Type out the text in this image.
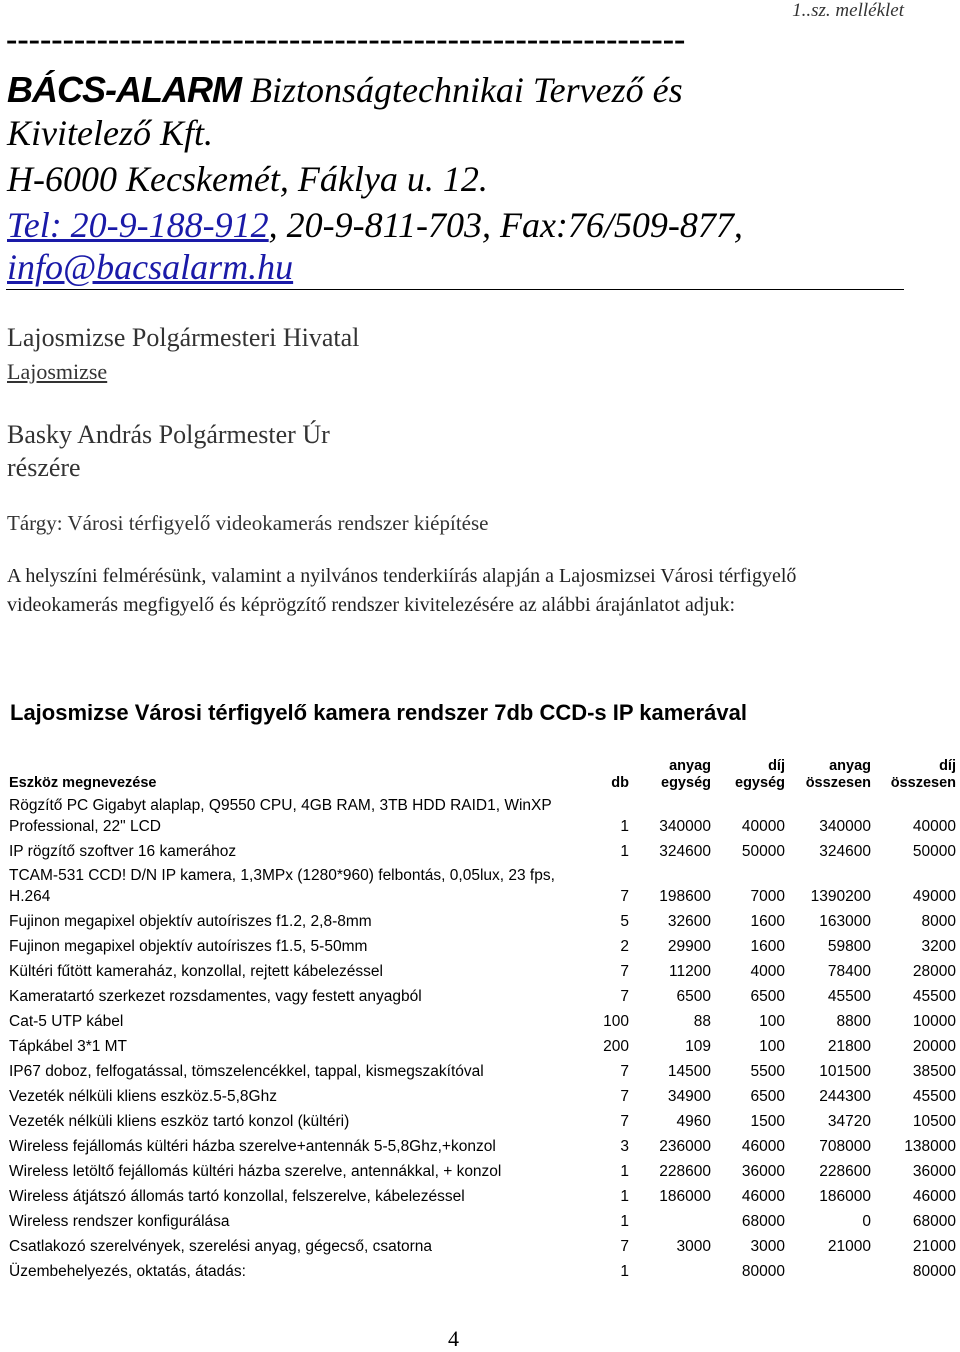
1..sz. melléklet
------------------------------------------------------------
BÁCS-ALARM Biztonságtechnikai Tervező és
Kivitelező Kft.
H-6000 Kecskemét, Fáklya u. 12.
Tel: 20-9-188-912, 20-9-811-703, Fax:76/509-877,
info@bacsalarm.hu
Lajosmizse Polgármesteri Hivatal
Lajosmizse
Basky András Polgármester Úr
részére
Tárgy: Városi térfigyelő videokamerás rendszer kiépítése
A helyszíni felmérésünk, valamint a nyilvános tenderkiírás alapján a Lajosmizsei Városi térfigyelő videokamerás megfigyelő és képrögzítő rendszer kivitelezésére az alábbi árajánlatot adjuk:
Lajosmizse Városi térfigyelő kamera rendszer 7db CCD-s IP kamerával
Eszköz megnevezése	db	anyag egység	díj egység	anyag összesen	díj összesen
Rögzítő PC Gigabyt alaplap, Q9550 CPU, 4GB RAM, 3TB HDD RAID1, WinXP Professional, 22" LCD	1	340000	40000	340000	40000
IP rögzítő szoftver 16 kamerához	1	324600	50000	324600	50000
TCAM-531 CCD! D/N IP kamera, 1,3MPx (1280*960) felbontás, 0,05lux, 23 fps, H.264	7	198600	7000	1390200	49000
Fujinon megapixel objektív autoíriszes f1.2, 2,8-8mm	5	32600	1600	163000	8000
Fujinon megapixel objektív autoíriszes f1.5, 5-50mm	2	29900	1600	59800	3200
Kültéri fűtött kameraház, konzollal, rejtett kábelezéssel	7	11200	4000	78400	28000
Kameratartó szerkezet rozsdamentes, vagy festett anyagból	7	6500	6500	45500	45500
Cat-5 UTP kábel	100	88	100	8800	10000
Tápkábel 3*1 MT	200	109	100	21800	20000
IP67 doboz, felfogatással, tömszelencékkel, tappal, kismegszakítóval	7	14500	5500	101500	38500
Vezeték nélküli kliens eszköz.5-5,8Ghz	7	34900	6500	244300	45500
Vezeték nélküli kliens eszköz tartó konzol (kültéri)	7	4960	1500	34720	10500
Wireless fejállomás kültéri házba szerelve+antennák 5-5,8Ghz,+konzol	3	236000	46000	708000	138000
Wireless letöltő fejállomás kültéri házba szerelve, antennákkal, + konzol	1	228600	36000	228600	36000
Wireless átjátszó állomás tartó konzollal, felszerelve, kábelezéssel	1	186000	46000	186000	46000
Wireless rendszer konfigurálása	1		68000	0	68000
Csatlakozó szerelvények, szerelési anyag, gégecső, csatorna	7	3000	3000	21000	21000
Üzembehelyezés, oktatás, átadás:	1		80000		80000
4
